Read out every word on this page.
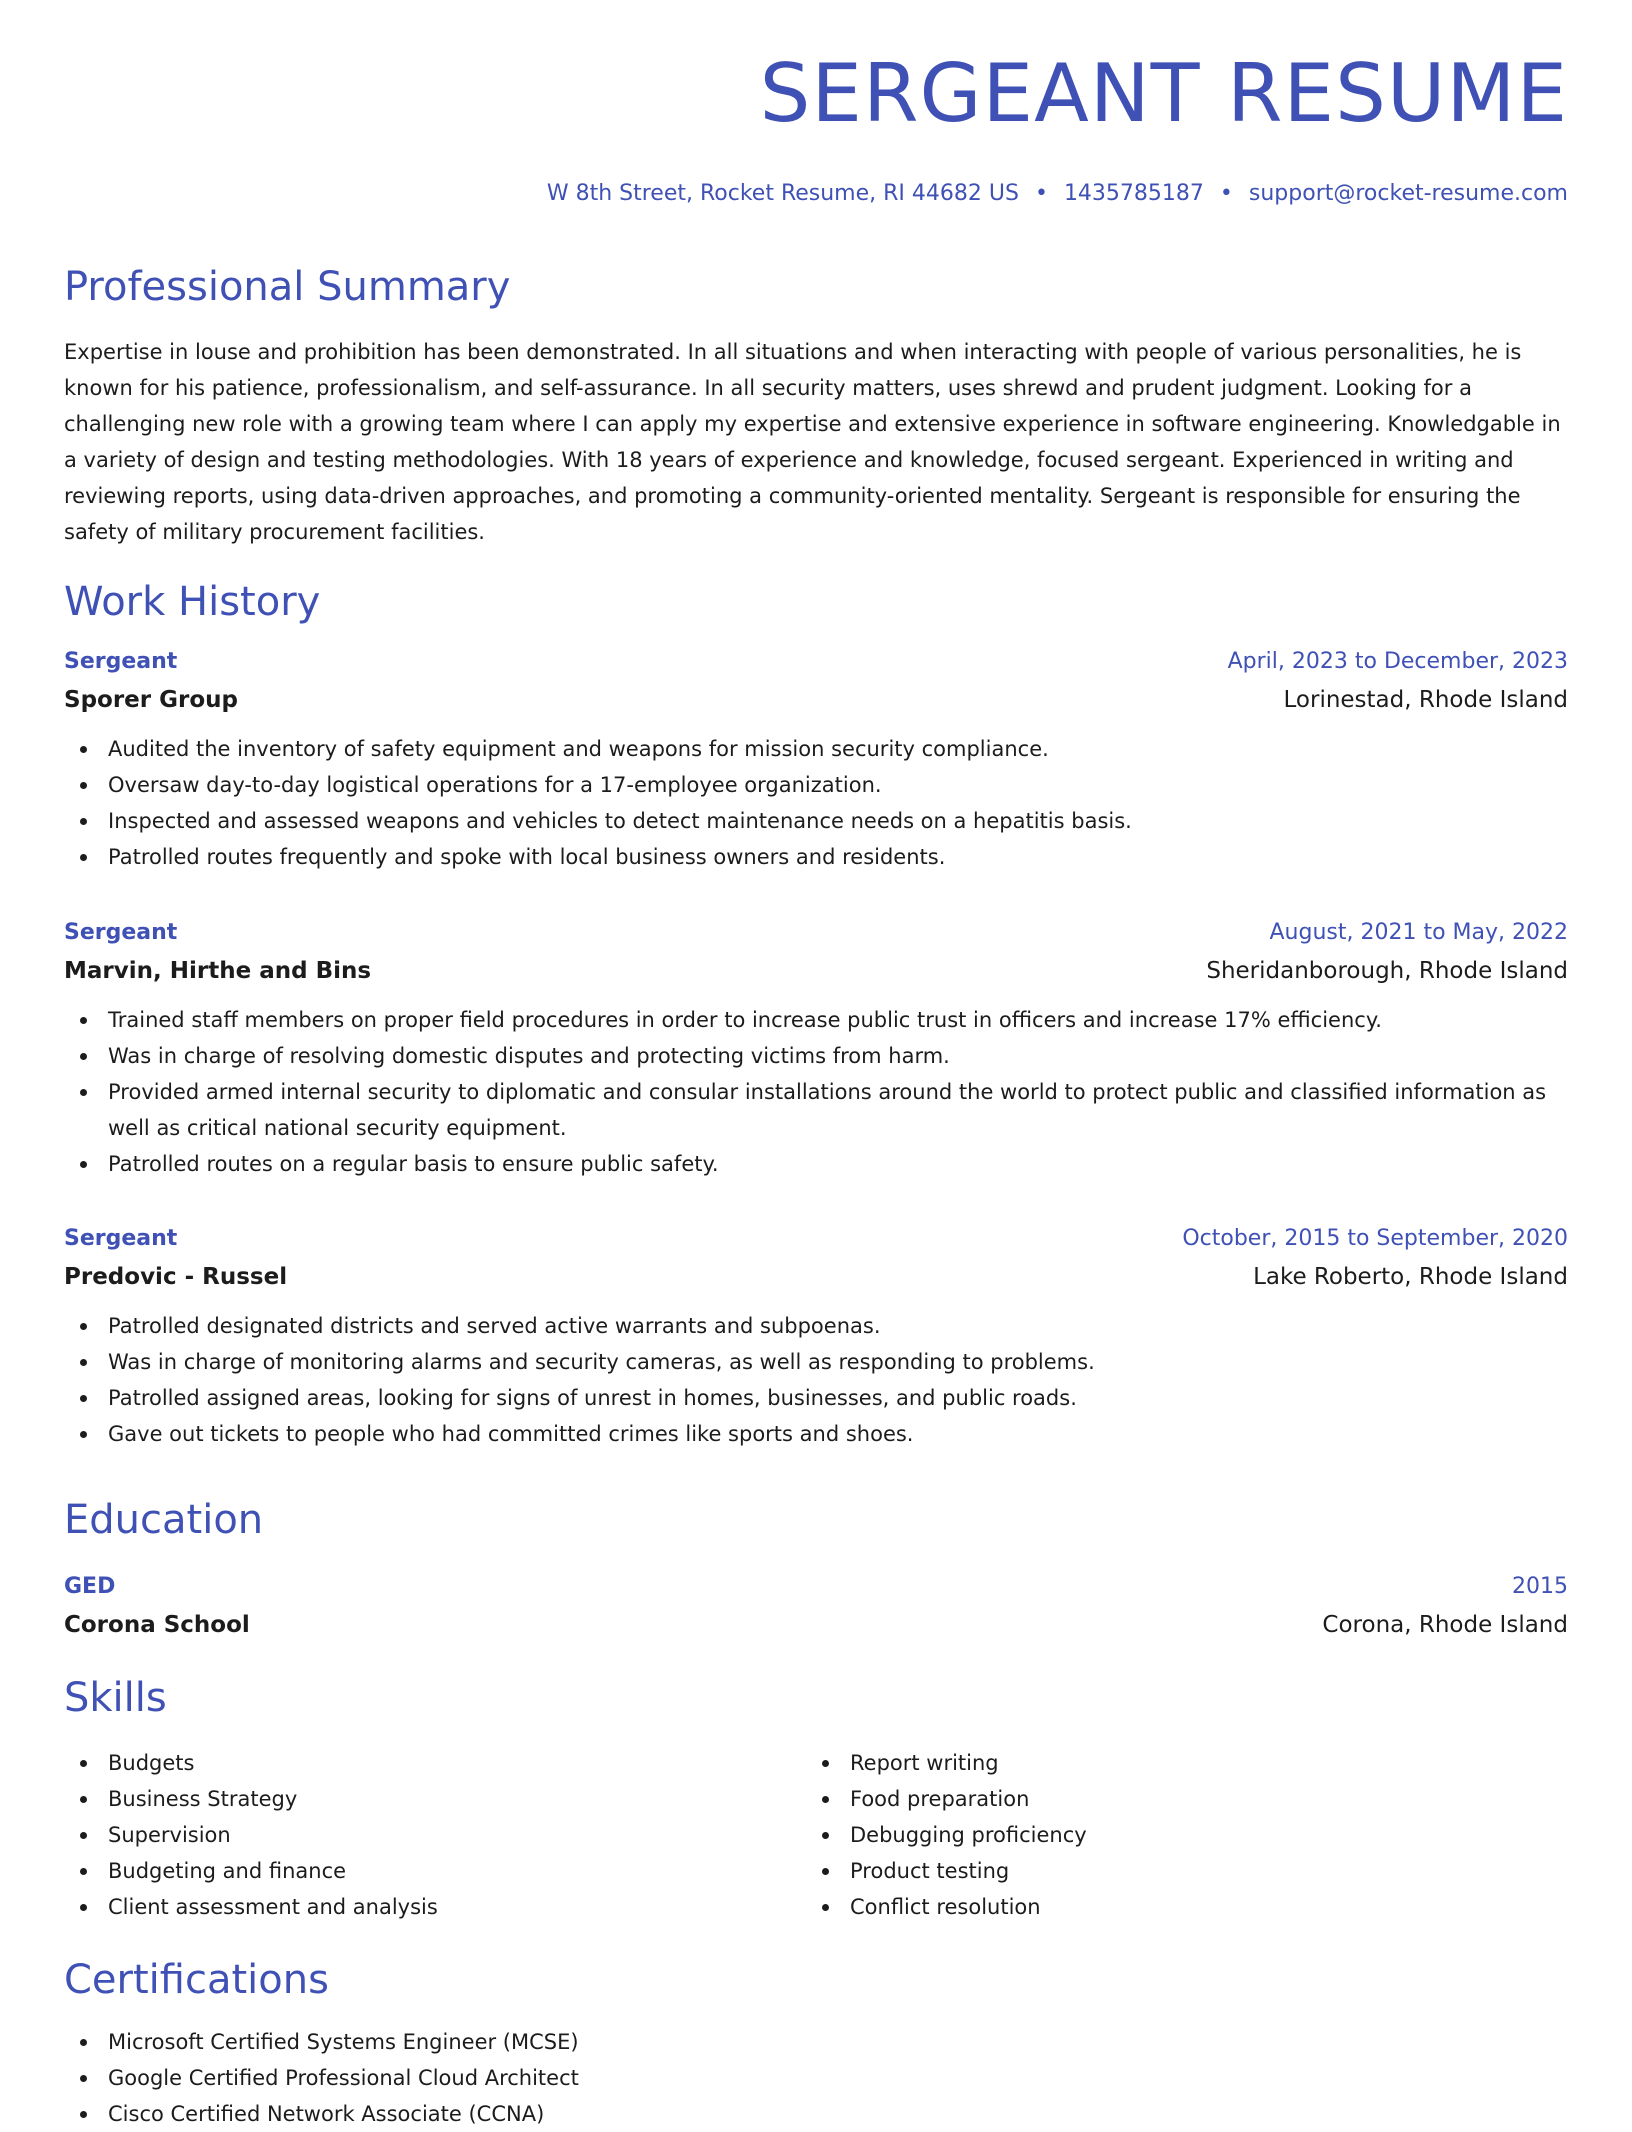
SERGEANT RESUME
W 8th Street, Rocket Resume, RI 44682 US • 1435785187 • support@rocket-resume.com
Professional Summary

Expertise in louse and prohibition has been demonstrated. In all situations and when interacting with people of various personalities, he is known for his patience, professionalism, and self-assurance. In all security matters, uses shrewd and prudent judgment. Looking for a challenging new role with a growing team where I can apply my expertise and extensive experience in software engineering. Knowledgable in a variety of design and testing methodologies. With 18 years of experience and knowledge, focused sergeant. Experienced in writing and reviewing reports, using data-driven approaches, and promoting a community-oriented mentality. Sergeant is responsible for ensuring the safety of military procurement facilities.

Work History
Sergeant	April, 2023 to December, 2023
Sporer Group	Lorinestad, Rhode Island
Audited the inventory of safety equipment and weapons for mission security compliance.
Oversaw day-to-day logistical operations for a 17-employee organization.
Inspected and assessed weapons and vehicles to detect maintenance needs on a hepatitis basis.
Patrolled routes frequently and spoke with local business owners and residents.
Sergeant	August, 2021 to May, 2022
Marvin, Hirthe and Bins	Sheridanborough, Rhode Island
Trained staff members on proper field procedures in order to increase public trust in officers and increase 17% efficiency.
Was in charge of resolving domestic disputes and protecting victims from harm.
Provided armed internal security to diplomatic and consular installations around the world to protect public and classified information as well as critical national security equipment.
Patrolled routes on a regular basis to ensure public safety.
Sergeant	October, 2015 to September, 2020
Predovic - Russel	Lake Roberto, Rhode Island
Patrolled designated districts and served active warrants and subpoenas.
Was in charge of monitoring alarms and security cameras, as well as responding to problems.
Patrolled assigned areas, looking for signs of unrest in homes, businesses, and public roads.
Gave out tickets to people who had committed crimes like sports and shoes.
Education
GED	2015
Corona School	Corona, Rhode Island
Skills
Budgets
Business Strategy
Supervision
Budgeting and finance
Client assessment and analysis
Report writing
Food preparation
Debugging proficiency
Product testing
Conflict resolution
Certifications
Microsoft Certified Systems Engineer (MCSE)
Google Certified Professional Cloud Architect
Cisco Certified Network Associate (CCNA)
